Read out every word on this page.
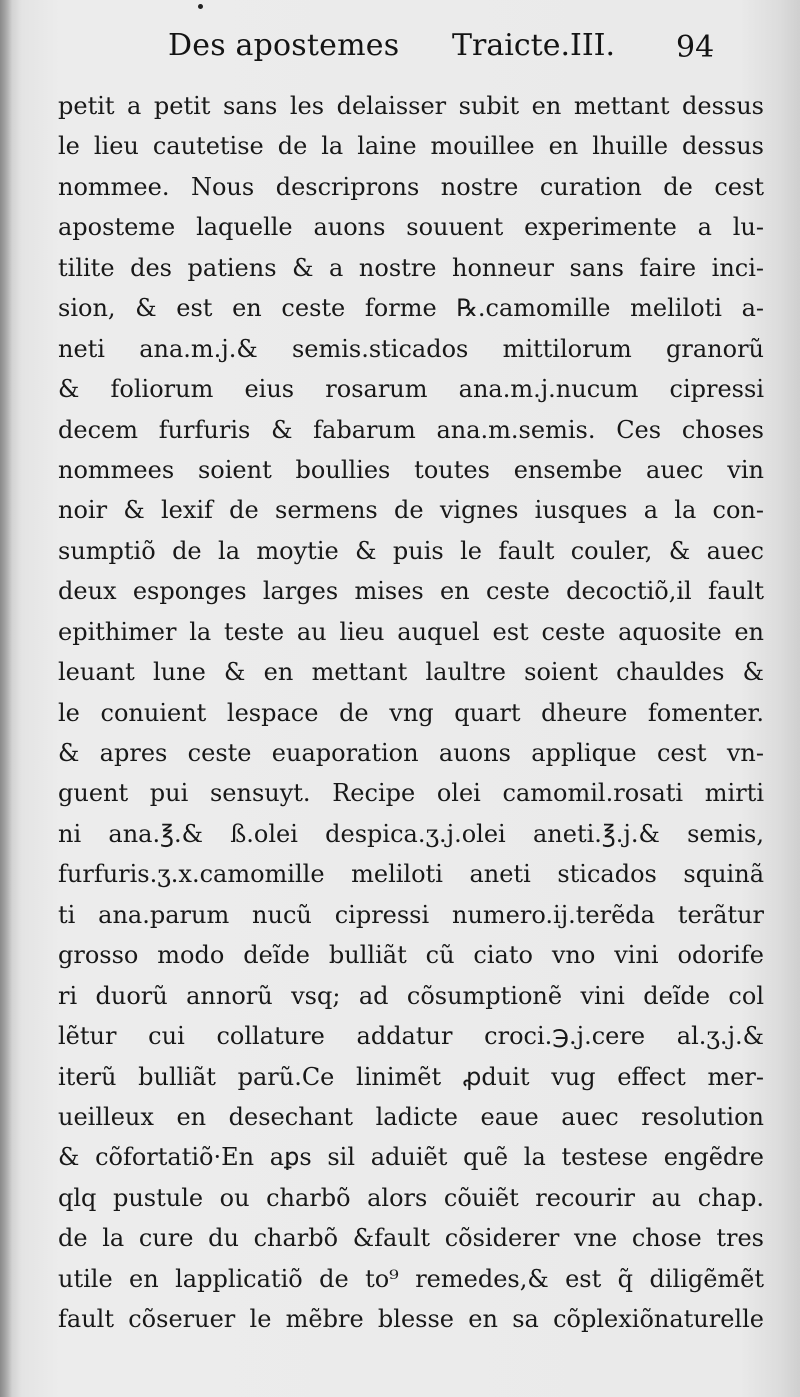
Des apostemes Traicte.III. 94
petit a petit sans les delaisser subit en mettant dessus
le lieu cautetise de la laine mouillee en lhuille dessus
nommee. Nous descriprons nostre curation de cest
aposteme laquelle auons souuent experimente a lu-
tilite des patiens & a nostre honneur sans faire inci-
sion, & est en ceste forme ℞.camomille meliloti a-
neti ana.m.j.& semis.sticados mittilorum granorũ
& foliorum eius rosarum ana.m.j.nucum cipressi
decem furfuris & fabarum ana.m.semis. Ces choses
nommees soient boullies toutes ensembe auec vin
noir & lexif de sermens de vignes iusques a la con-
sumptiõ de la moytie & puis le fault couler, & auec
deux esponges larges mises en ceste decoctiõ,il fault
epithimer la teste au lieu auquel est ceste aquosite en
leuant lune & en mettant laultre soient chauldes &
le conuient lespace de vng quart dheure fomenter.
& apres ceste euaporation auons applique cest vn-
guent pui sensuyt. Recipe olei camomil.rosati mirti
ni ana.℥.& ß.olei despica.ʒ.j.olei aneti.℥.j.& semis,
furfuris.ʒ.x.camomille meliloti aneti sticados squinã
ti ana.parum nucũ cipressi numero.ij.terẽda terãtur
grosso modo deĩde bulliãt cũ ciato vno vini odorife
ri duorũ annorũ vsq; ad cõsumptionẽ vini deĩde col
lẽtur cui collature addatur croci.℈.j.cere al.ʒ.j.&
iterũ bulliãt parũ.Ce linimẽt ꝓduit vug effect mer-
ueilleux en desechant ladicte eaue auec resolution
& cõfortatiõ·En aꝑs sil aduiẽt quẽ la testese engẽdre
qlq pustule ou charbõ alors cõuiẽt recourir au chap.
de la cure du charbõ &fault cõsiderer vne chose tres
utile en lapplicatiõ de to⁹ remedes,& est q̃ diligẽmẽt
fault cõseruer le mẽbre blesse en sa cõplexiõnaturelle
